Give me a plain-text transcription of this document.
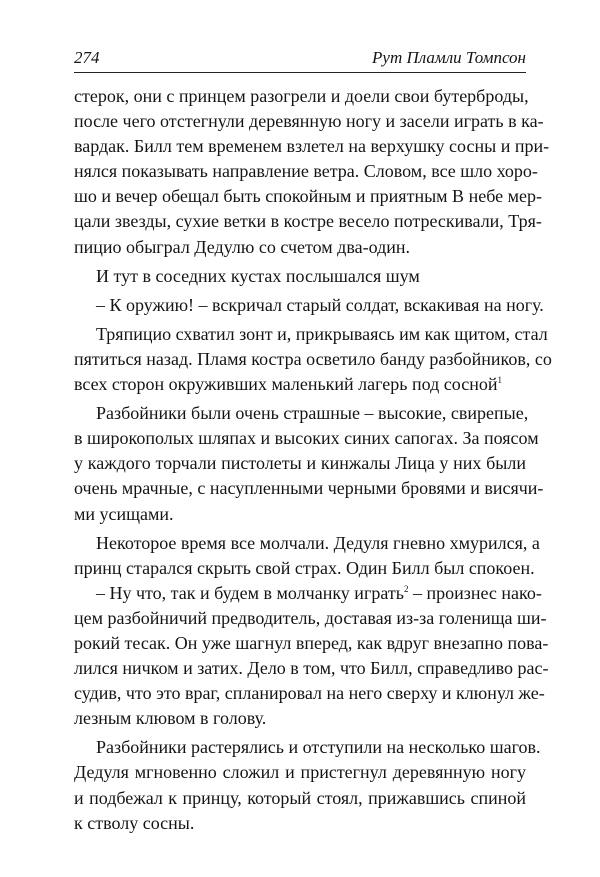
274	Рут Пламли Томпсон
стерок, они с принцем разогрели и доели свои бутерброды,
после чего отстегнули деревянную ногу и засели играть в ка-
вардак. Билл тем временем взлетел на верхушку сосны и при-
нялся показывать направление ветра. Словом, все шло хоро-
шо и вечер обещал быть спокойным и приятным В небе мер-
цали звезды, сухие ветки в костре весело потрескивали, Тря-
пицио обыграл Дедулю со счетом два-один.
И тут в соседних кустах послышался шум
– К оружию! – вскричал старый солдат, вскакивая на ногу.
Тряпицио схватил зонт и, прикрываясь им как щитом, стал
пятиться назад. Пламя костра осветило банду разбойников, со
всех сторон окруживших маленький лагерь под сосной$^1$
Разбойники были очень страшные – высокие, свирепые,
в широкополых шляпах и высоких синих сапогах. За поясом
у каждого торчали пистолеты и кинжалы Лица у них были
очень мрачные, с насупленными черными бровями и висячи-
ми усищами.
Некоторое время все молчали. Дедуля гневно хмурился, а
принц старался скрыть свой страх. Один Билл был спокоен.
– Ну что, так и будем в молчанку играть$^2$ – произнес нако-
цем разбойничий предводитель, доставая из-за голенища ши-
рокий тесак. Он уже шагнул вперед, как вдруг внезапно пова-
лился ничком и затих. Дело в том, что Билл, справедливо рас-
судив, что это враг, спланировал на него сверху и клюнул же-
лезным клювом в голову.
Разбойники растерялись и отступили на несколько шагов.
Дедуля мгновенно сложил и пристегнул деревянную ногу
и подбежал к принцу, который стоял, прижавшись спиной
к стволу сосны.
